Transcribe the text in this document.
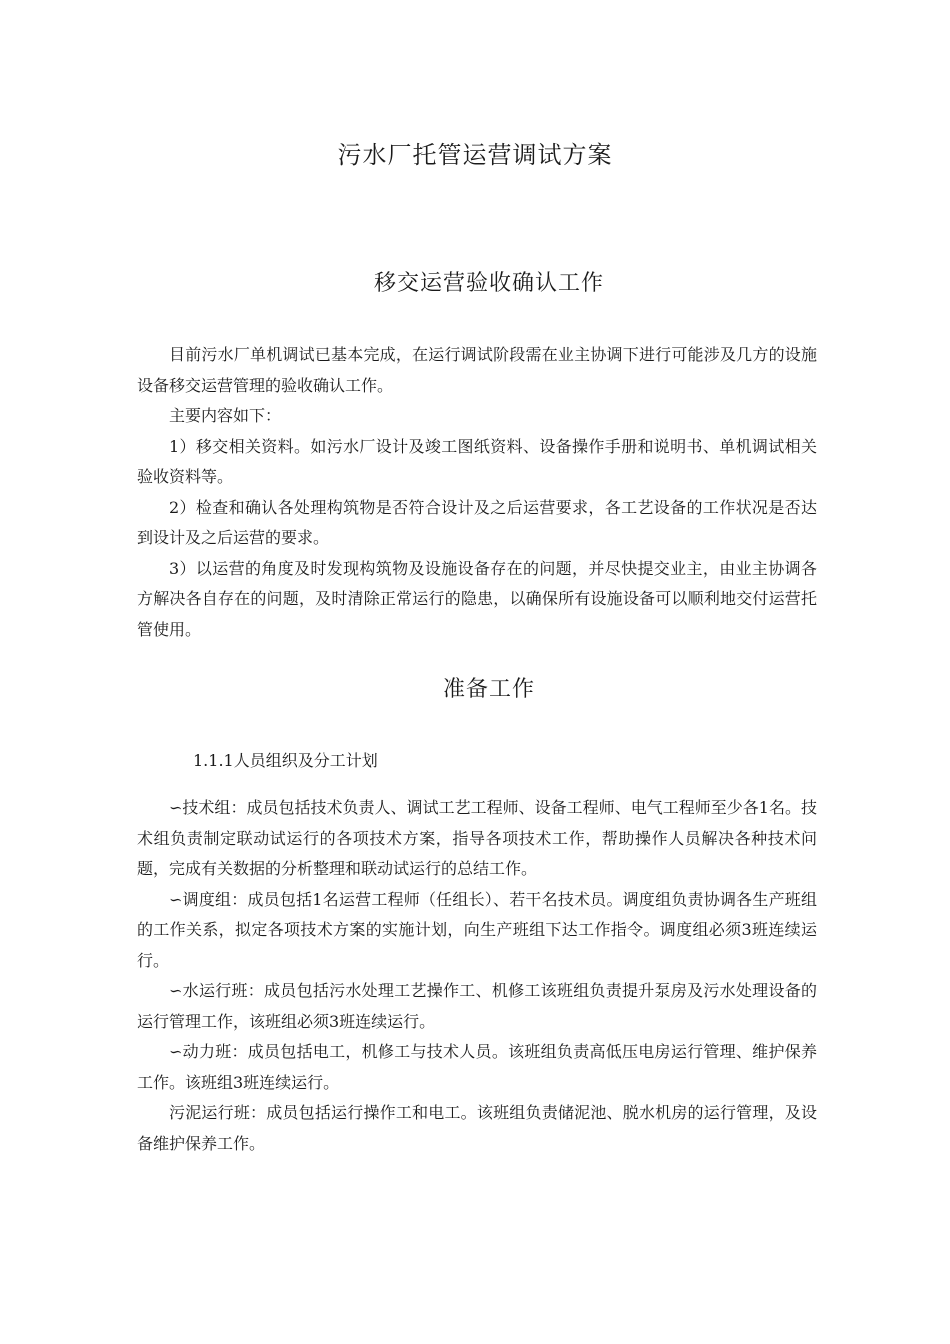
污水厂托管运营调试方案
移交运营验收确认工作

目前污水厂单机调试已基本完成，在运行调试阶段需在业主协调下进行可能涉及几方的设施设备移交运营管理的验收确认工作。

主要内容如下：

1）移交相关资料。如污水厂设计及竣工图纸资料、设备操作手册和说明书、单机调试相关验收资料等。

2）检查和确认各处理构筑物是否符合设计及之后运营要求，各工艺设备的工作状况是否达到设计及之后运营的要求。

3）以运营的角度及时发现构筑物及设施设备存在的问题，并尽快提交业主，由业主协调各方解决各自存在的问题，及时清除正常运行的隐患，以确保所有设施设备可以顺利地交付运营托管使用。

准备工作
1.1.1人员组织及分工计划

∽技术组：成员包括技术负责人、调试工艺工程师、设备工程师、电气工程师至少各1名。技术组负责制定联动试运行的各项技术方案，指导各项技术工作，帮助操作人员解决各种技术问题，完成有关数据的分析整理和联动试运行的总结工作。

∽调度组：成员包括1名运营工程师（任组长）、若干名技术员。调度组负责协调各生产班组的工作关系，拟定各项技术方案的实施计划，向生产班组下达工作指令。调度组必须3班连续运行。

∽水运行班：成员包括污水处理工艺操作工、机修工该班组负责提升泵房及污水处理设备的运行管理工作，该班组必须3班连续运行。

∽动力班：成员包括电工，机修工与技术人员。该班组负责高低压电房运行管理、维护保养工作。该班组3班连续运行。

污泥运行班：成员包括运行操作工和电工。该班组负责储泥池、脱水机房的运行管理，及设备维护保养工作。
